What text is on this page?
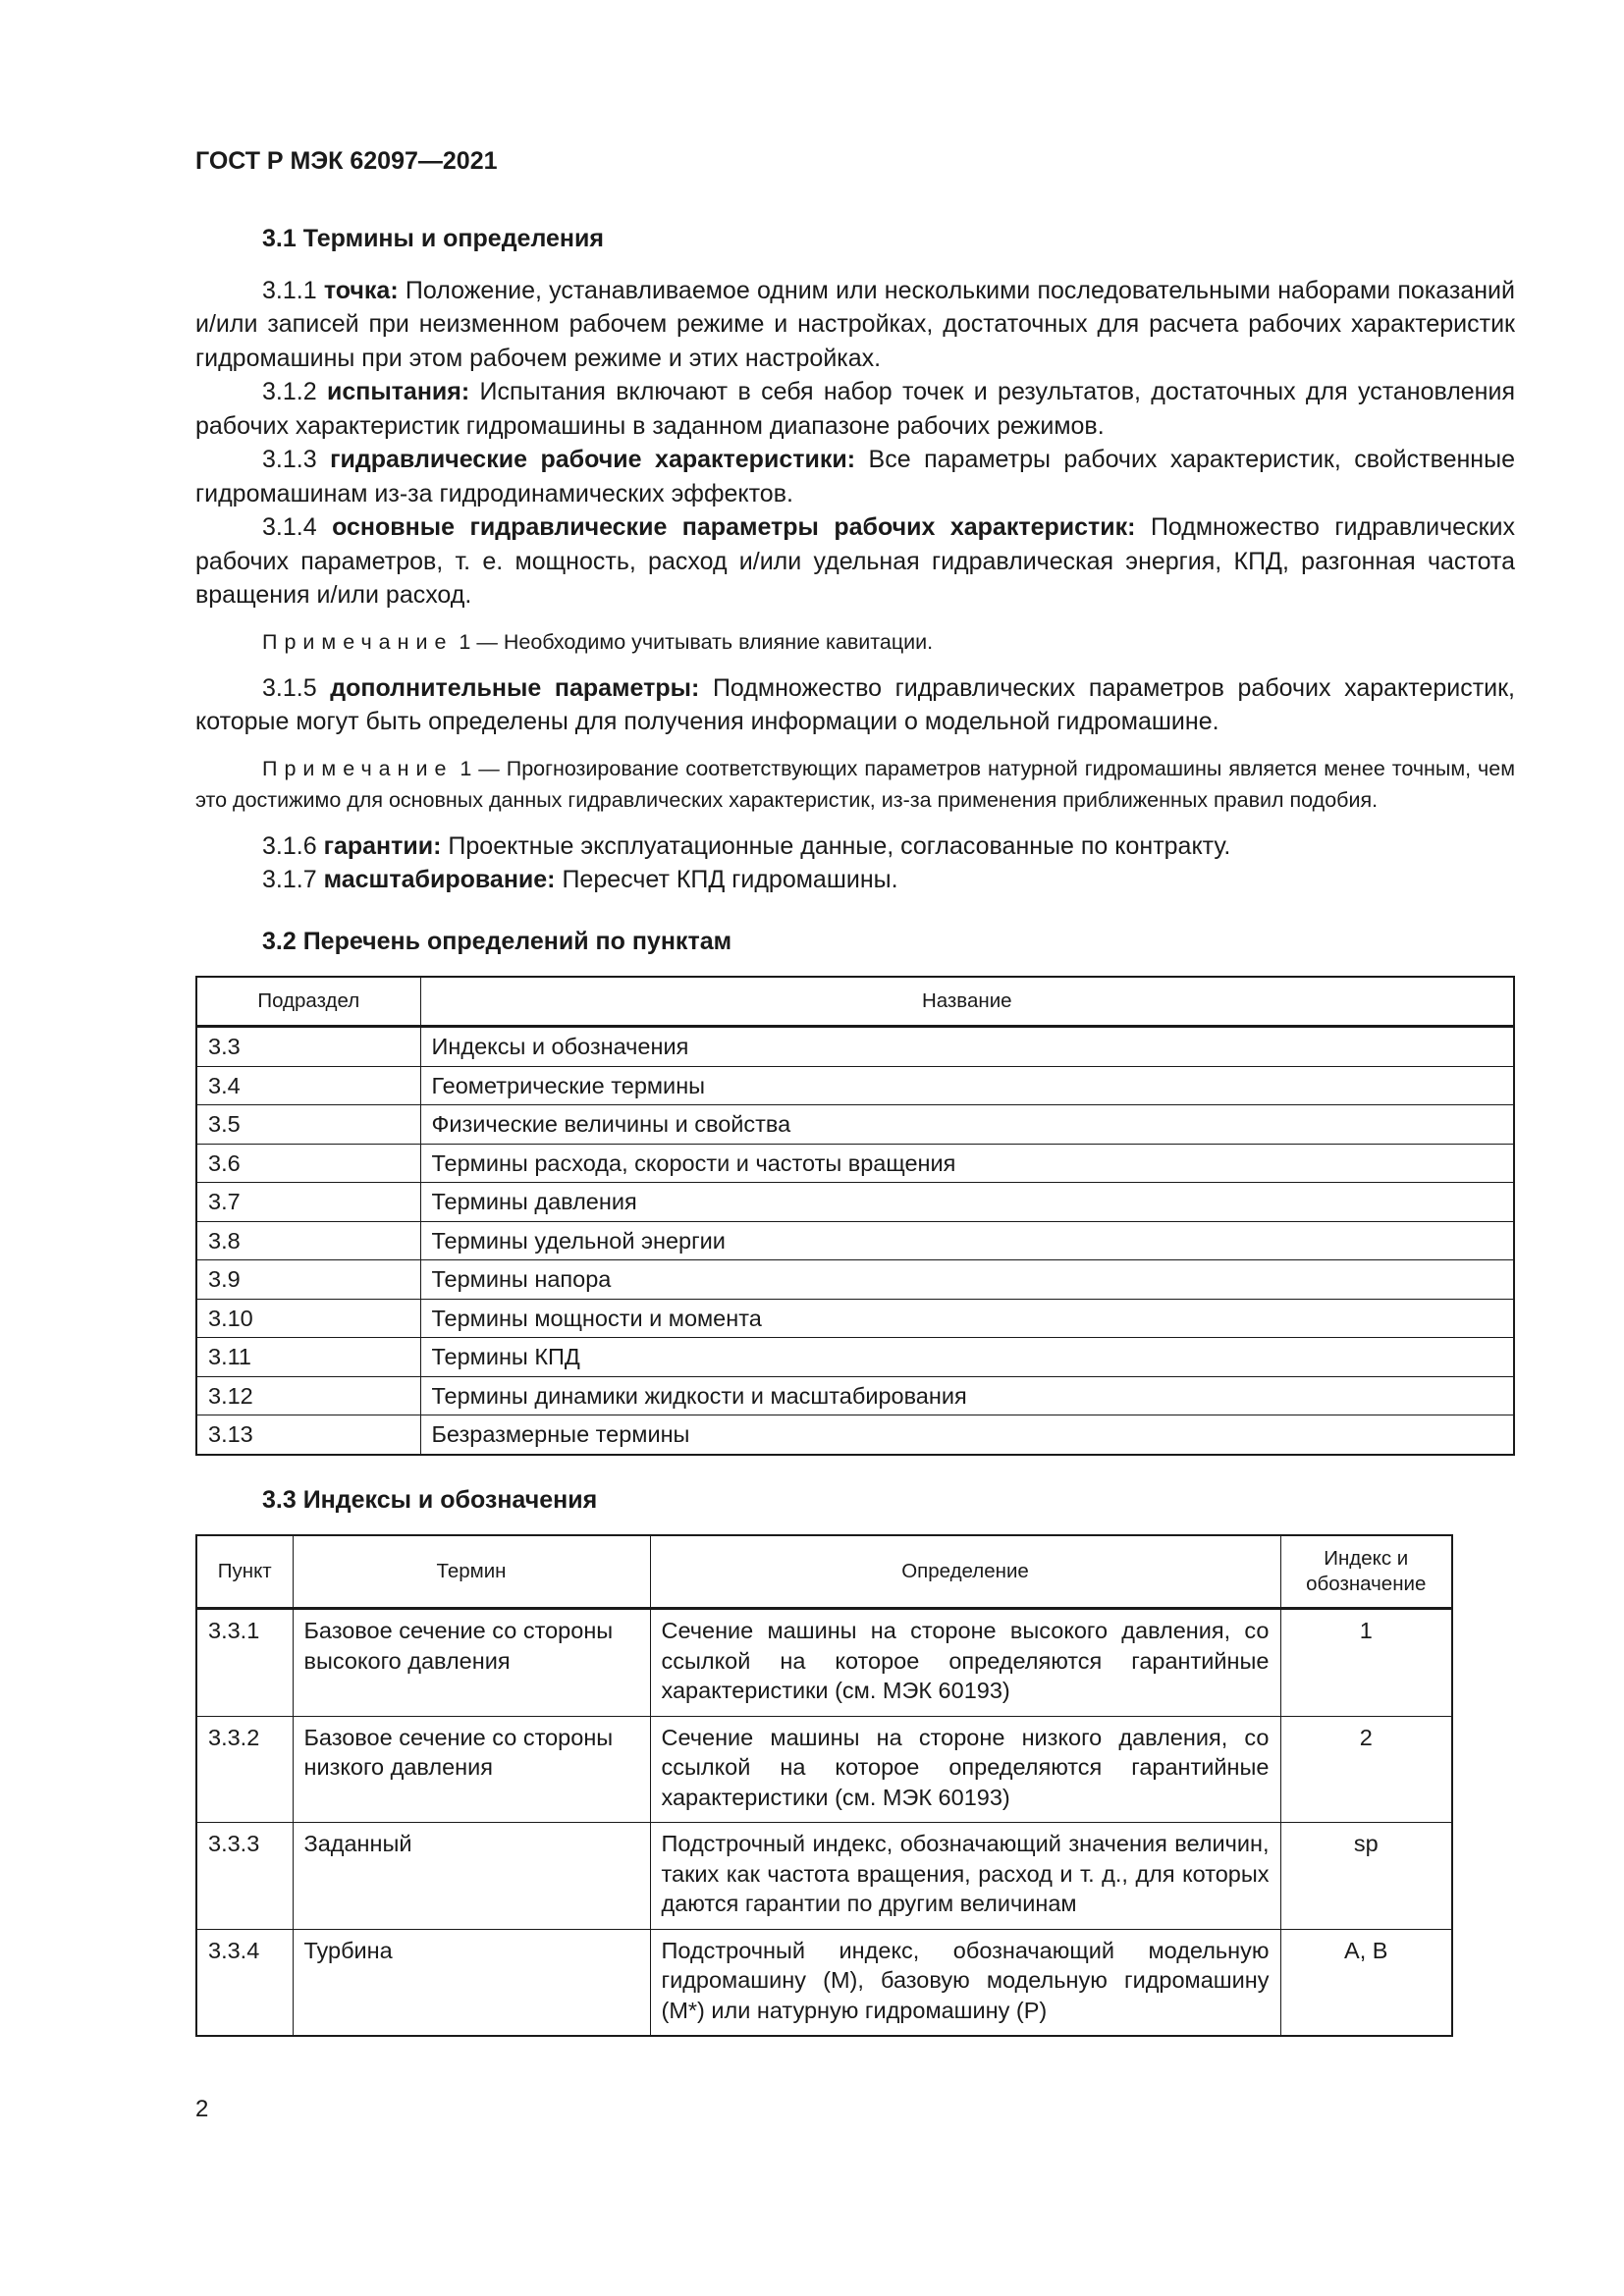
ГОСТ Р МЭК 62097—2021
3.1 Термины и определения

3.1.1 точка: Положение, устанавливаемое одним или несколькими последовательными наборами показаний и/или записей при неизменном рабочем режиме и настройках, достаточных для расчета рабочих характеристик гидромашины при этом рабочем режиме и этих настройках.

3.1.2 испытания: Испытания включают в себя набор точек и результатов, достаточных для установления рабочих характеристик гидромашины в заданном диапазоне рабочих режимов.

3.1.3 гидравлические рабочие характеристики: Все параметры рабочих характеристик, свойственные гидромашинам из-за гидродинамических эффектов.

3.1.4 основные гидравлические параметры рабочих характеристик: Подмножество гидравлических рабочих параметров, т. е. мощность, расход и/или удельная гидравлическая энергия, КПД, разгонная частота вращения и/или расход.

Примечание 1 — Необходимо учитывать влияние кавитации.

3.1.5 дополнительные параметры: Подмножество гидравлических параметров рабочих характеристик, которые могут быть определены для получения информации о модельной гидромашине.

Примечание 1 — Прогнозирование соответствующих параметров натурной гидромашины является менее точным, чем это достижимо для основных данных гидравлических характеристик, из-за применения приближенных правил подобия.

3.1.6 гарантии: Проектные эксплуатационные данные, согласованные по контракту.

3.1.7 масштабирование: Пересчет КПД гидромашины.

3.2 Перечень определений по пунктам
Подраздел	Название
3.3	Индексы и обозначения
3.4	Геометрические термины
3.5	Физические величины и свойства
3.6	Термины расхода, скорости и частоты вращения
3.7	Термины давления
3.8	Термины удельной энергии
3.9	Термины напора
3.10	Термины мощности и момента
3.11	Термины КПД
3.12	Термины динамики жидкости и масштабирования
3.13	Безразмерные термины
3.3 Индексы и обозначения
Пункт	Термин	Определение	Индекс и обозначение
3.3.1	Базовое сечение со стороны высокого давления	Сечение машины на стороне высокого давления, со ссылкой на которое определяются гарантийные характеристики (см. МЭК 60193)	1
3.3.2	Базовое сечение со стороны низкого давления	Сечение машины на стороне низкого давления, со ссылкой на которое определяются гарантийные характеристики (см. МЭК 60193)	2
3.3.3	Заданный	Подстрочный индекс, обозначающий значения величин, таких как частота вращения, расход и т. д., для которых даются гарантии по другим величинам	sp
3.3.4	Турбина	Подстрочный индекс, обозначающий модельную гидромашину (M), базовую модельную гидромашину (M*) или натурную гидромашину (P)	A, B
2
